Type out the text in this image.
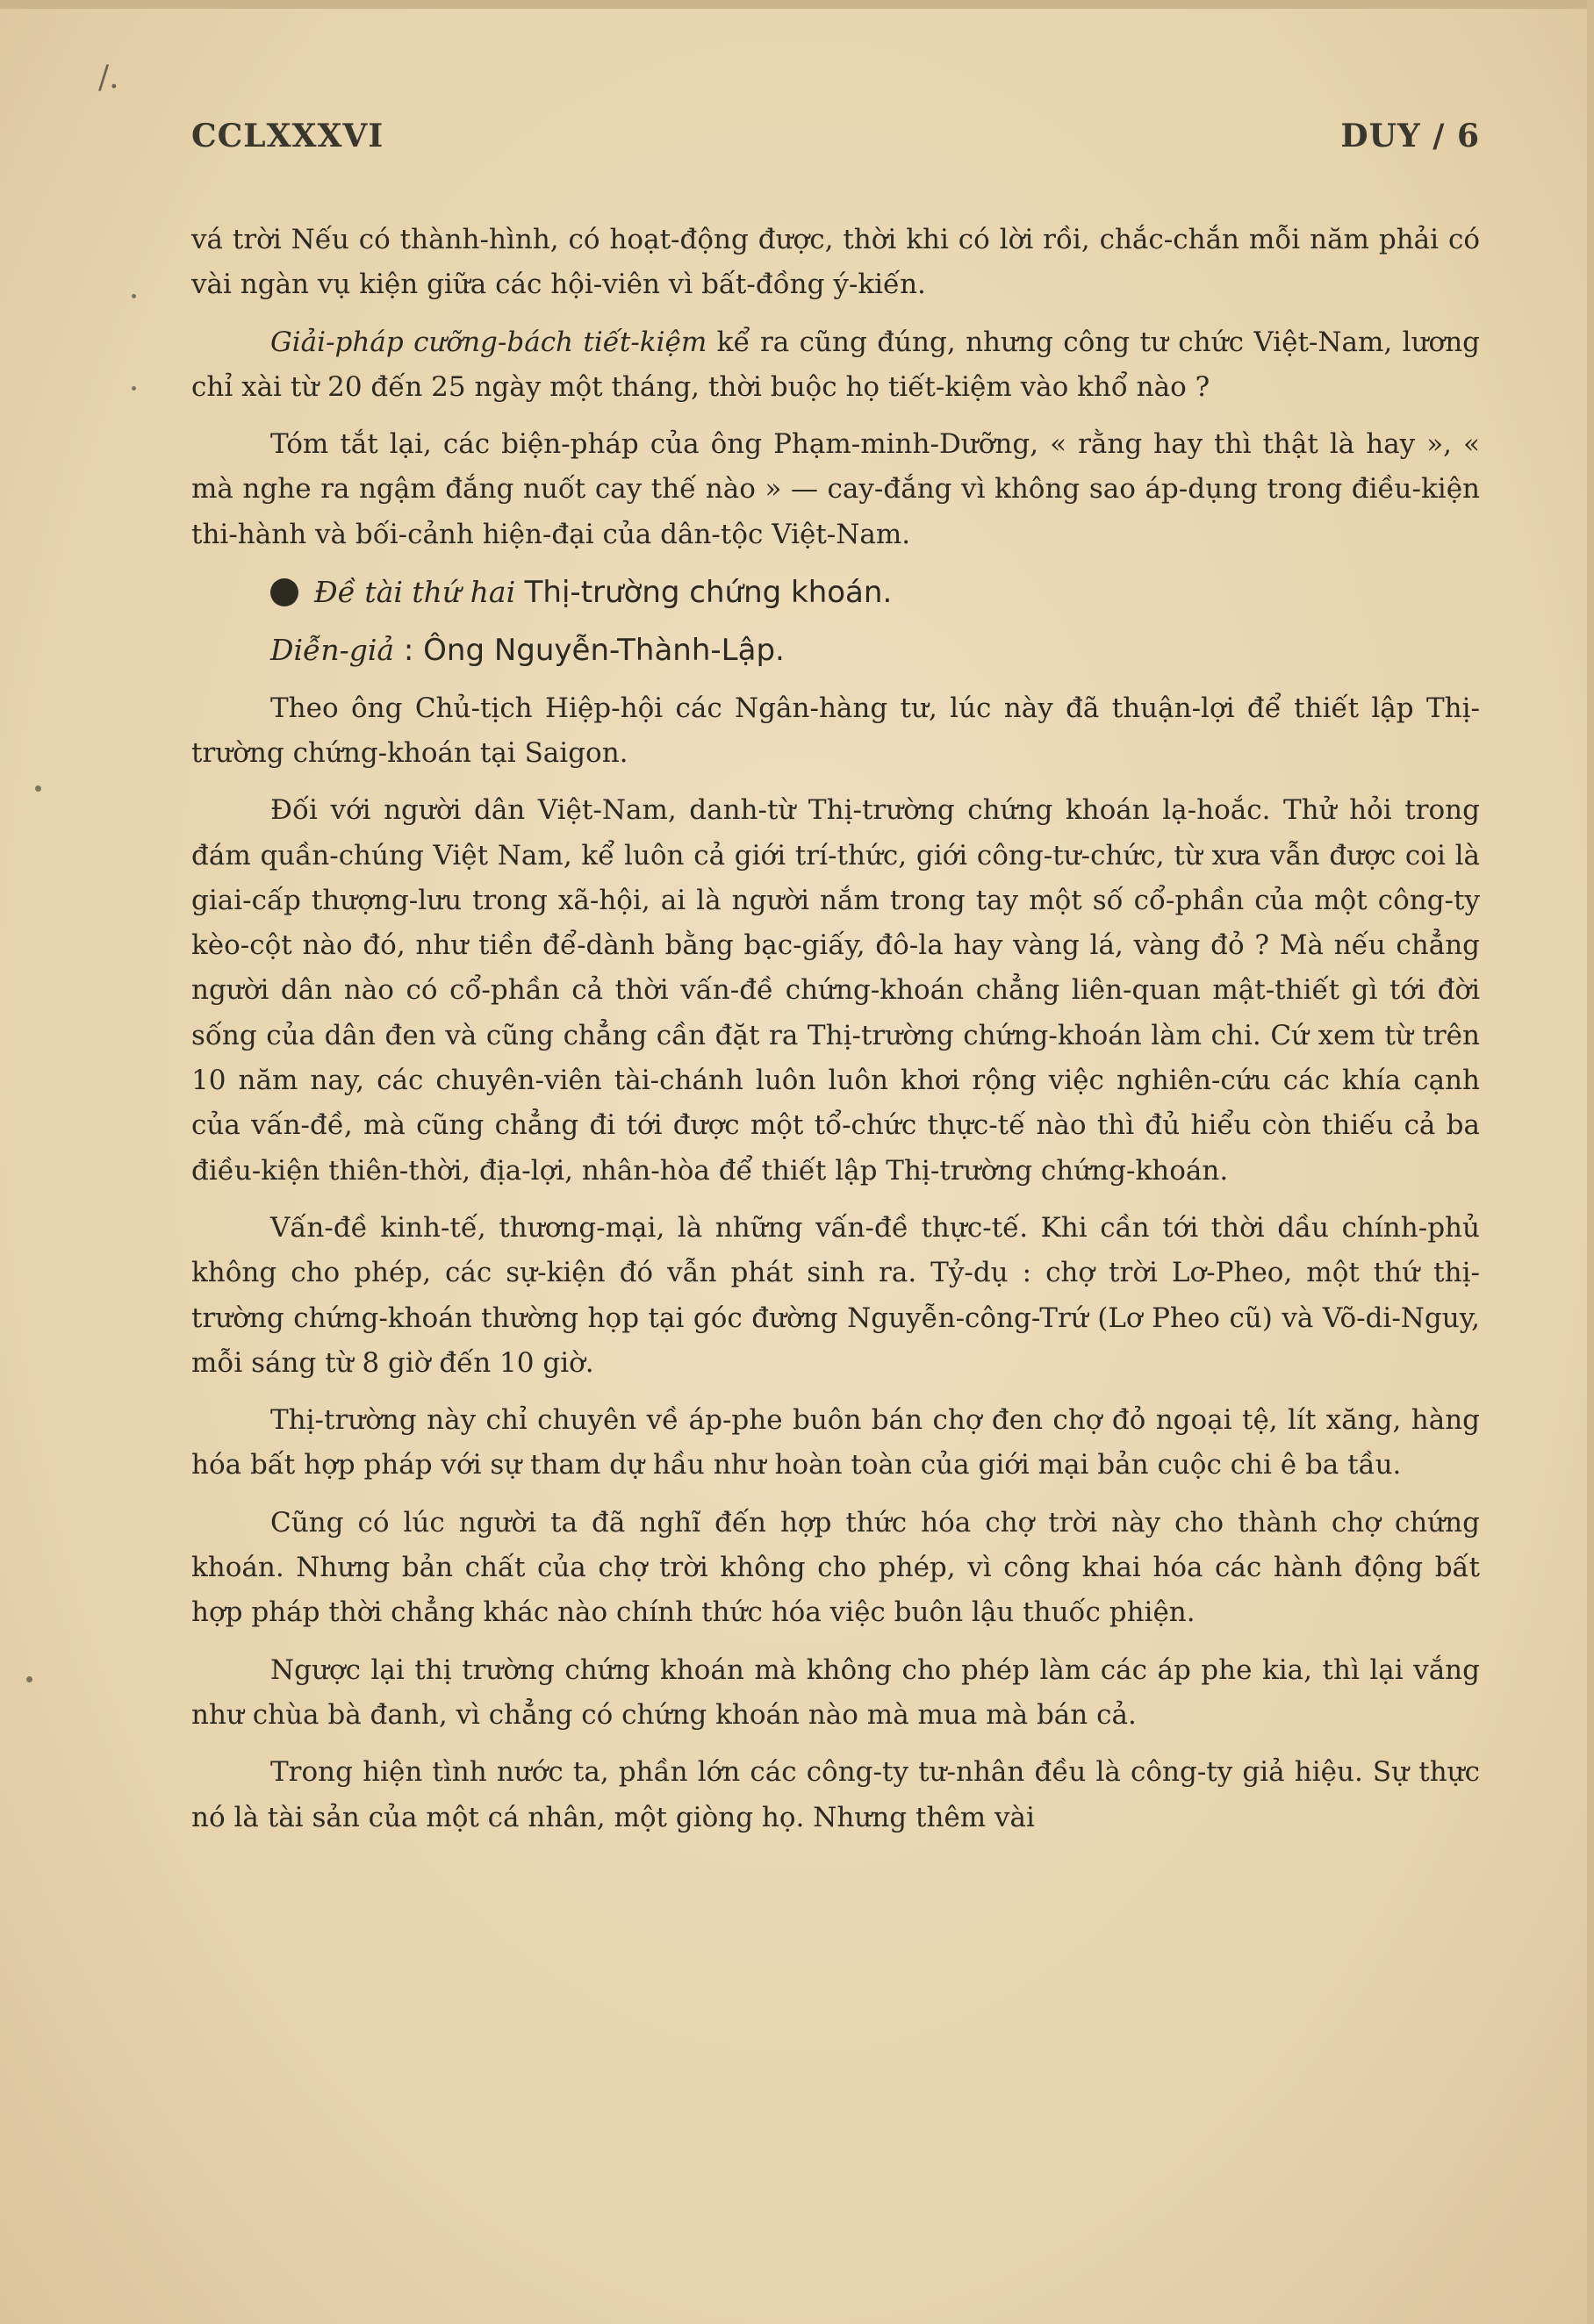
/.
CCLXXXVI	DUY / 6

vá trời Nếu có thành-hình, có hoạt-động được, thời khi có lời rồi, chắc-chắn mỗi năm phải có vài ngàn vụ kiện giữa các hội-viên vì bất-đồng ý-kiến.

Giải-pháp cưỡng-bách tiết-kiệm kể ra cũng đúng, nhưng công tư chức Việt-Nam, lương chỉ xài từ 20 đến 25 ngày một tháng, thời buộc họ tiết-kiệm vào khổ nào ?

Tóm tắt lại, các biện-pháp của ông Phạm-minh-Dưỡng, « rằng hay thì thật là hay », « mà nghe ra ngậm đắng nuốt cay thế nào » — cay-đắng vì không sao áp-dụng trong điều-kiện thi-hành và bối-cảnh hiện-đại của dân-tộc Việt-Nam.

Đề tài thứ hai Thị-trường chứng khoán.

Diễn-giả : Ông Nguyễn-Thành-Lập.

Theo ông Chủ-tịch Hiệp-hội các Ngân-hàng tư, lúc này đã thuận-lợi để thiết lập Thị-trường chứng-khoán tại Saigon.

Đối với người dân Việt-Nam, danh-từ Thị-trường chứng khoán lạ-hoắc. Thử hỏi trong đám quần-chúng Việt Nam, kể luôn cả giới trí-thức, giới công-tư-chức, từ xưa vẫn được coi là giai-cấp thượng-lưu trong xã-hội, ai là người nắm trong tay một số cổ-phần của một công-ty kèo-cột nào đó, như tiền để-dành bằng bạc-giấy, đô-la hay vàng lá, vàng đỏ ? Mà nếu chẳng người dân nào có cổ-phần cả thời vấn-đề chứng-khoán chẳng liên-quan mật-thiết gì tới đời sống của dân đen và cũng chẳng cần đặt ra Thị-trường chứng-khoán làm chi. Cứ xem từ trên 10 năm nay, các chuyên-viên tài-chánh luôn luôn khơi rộng việc nghiên-cứu các khía cạnh của vấn-đề, mà cũng chẳng đi tới được một tổ-chức thực-tế nào thì đủ hiểu còn thiếu cả ba điều-kiện thiên-thời, địa-lợi, nhân-hòa để thiết lập Thị-trường chứng-khoán.

Vấn-đề kinh-tế, thương-mại, là những vấn-đề thực-tế. Khi cần tới thời dầu chính-phủ không cho phép, các sự-kiện đó vẫn phát sinh ra. Tỷ-dụ : chợ trời Lơ-Pheo, một thứ thị-trường chứng-khoán thường họp tại góc đường Nguyễn-công-Trứ (Lơ Pheo cũ) và Võ-di-Nguy, mỗi sáng từ 8 giờ đến 10 giờ.

Thị-trường này chỉ chuyên về áp-phe buôn bán chợ đen chợ đỏ ngoại tệ, lít xăng, hàng hóa bất hợp pháp với sự tham dự hầu như hoàn toàn của giới mại bản cuộc chi ê ba tầu.

Cũng có lúc người ta đã nghĩ đến hợp thức hóa chợ trời này cho thành chợ chứng khoán. Nhưng bản chất của chợ trời không cho phép, vì công khai hóa các hành động bất hợp pháp thời chẳng khác nào chính thức hóa việc buôn lậu thuốc phiện.

Ngược lại thị trường chứng khoán mà không cho phép làm các áp phe kia, thì lại vắng như chùa bà đanh, vì chẳng có chứng khoán nào mà mua mà bán cả.

Trong hiện tình nước ta, phần lớn các công-ty tư-nhân đều là công-ty giả hiệu. Sự thực nó là tài sản của một cá nhân, một giòng họ. Nhưng thêm vài
